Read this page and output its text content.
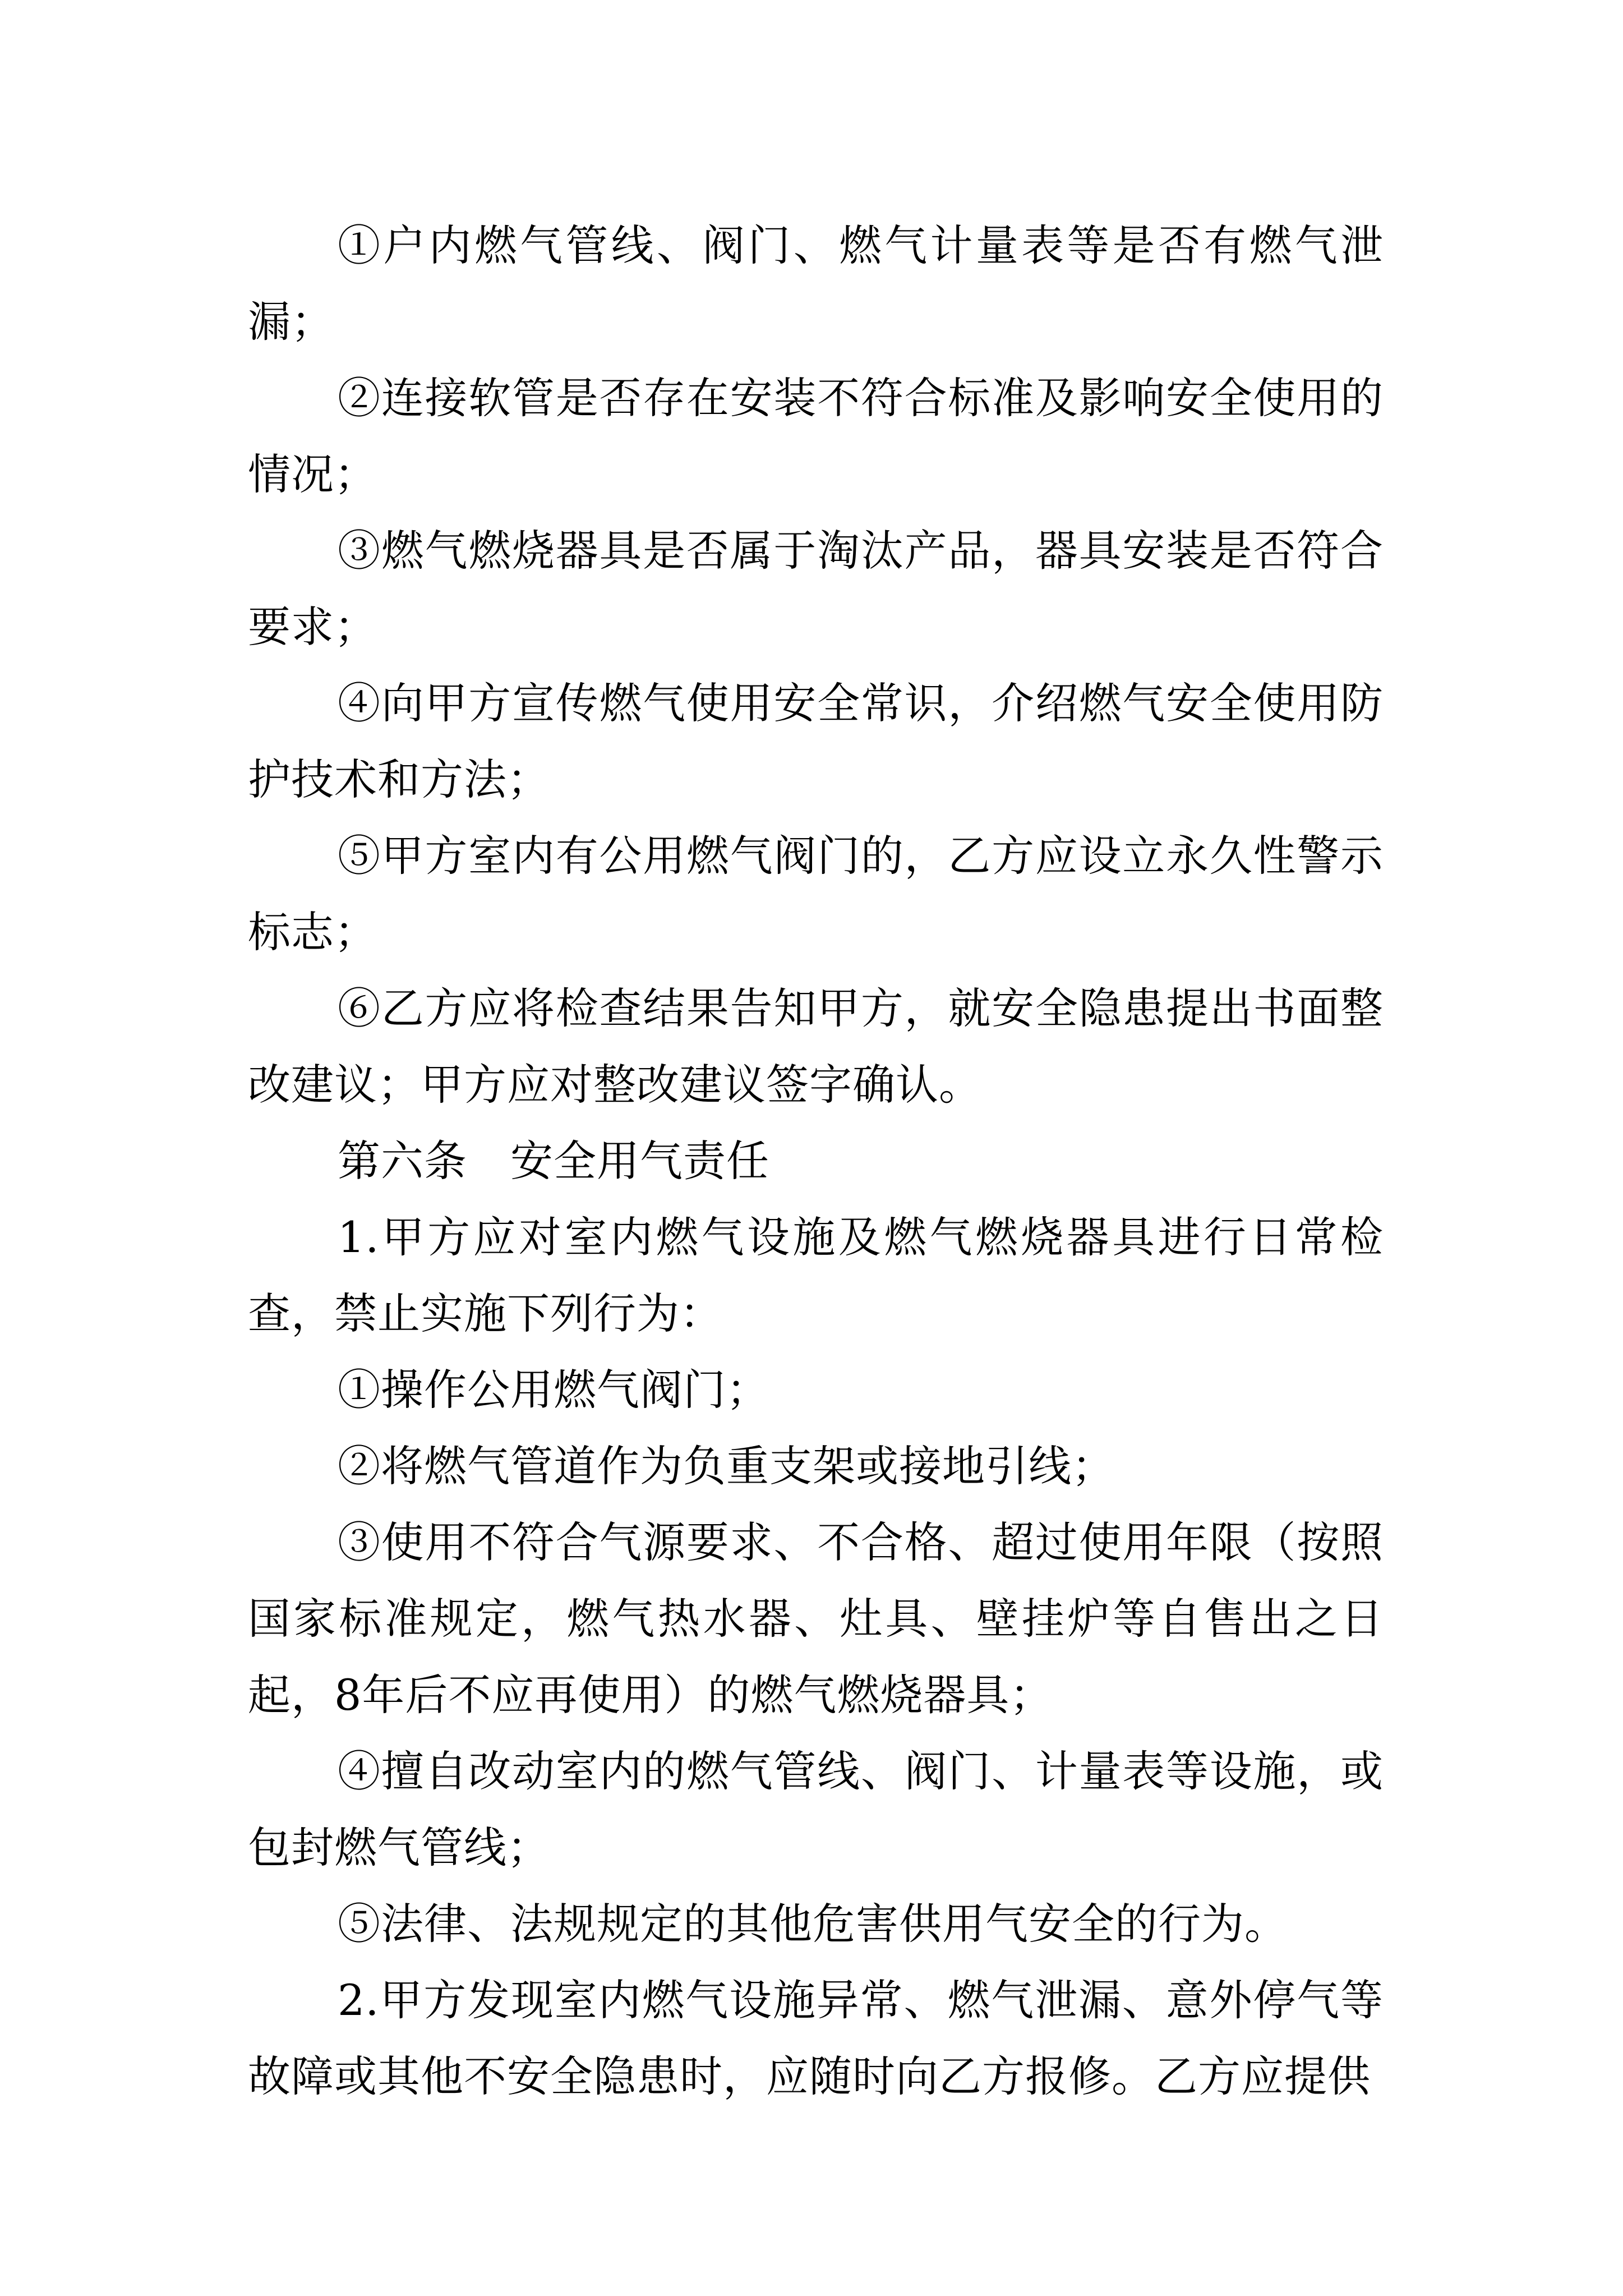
①户内燃气管线、阀门、燃气计量表等是否有燃气泄漏；

②连接软管是否存在安装不符合标准及影响安全使用的情况；

③燃气燃烧器具是否属于淘汰产品，器具安装是否符合要求；

④向甲方宣传燃气使用安全常识，介绍燃气安全使用防护技术和方法；

⑤甲方室内有公用燃气阀门的，乙方应设立永久性警示标志；

⑥乙方应将检查结果告知甲方，就安全隐患提出书面整改建议；甲方应对整改建议签字确认。

第六条　安全用气责任

1.甲方应对室内燃气设施及燃气燃烧器具进行日常检查，禁止实施下列行为：

①操作公用燃气阀门；

②将燃气管道作为负重支架或接地引线；

③使用不符合气源要求、不合格、超过使用年限（按照国家标准规定，燃气热水器、灶具、壁挂炉等自售出之日起，8年后不应再使用）的燃气燃烧器具；

④擅自改动室内的燃气管线、阀门、计量表等设施，或包封燃气管线；

⑤法律、法规规定的其他危害供用气安全的行为。

2.甲方发现室内燃气设施异常、燃气泄漏、意外停气等故障或其他不安全隐患时，应随时向乙方报修。乙方应提供
